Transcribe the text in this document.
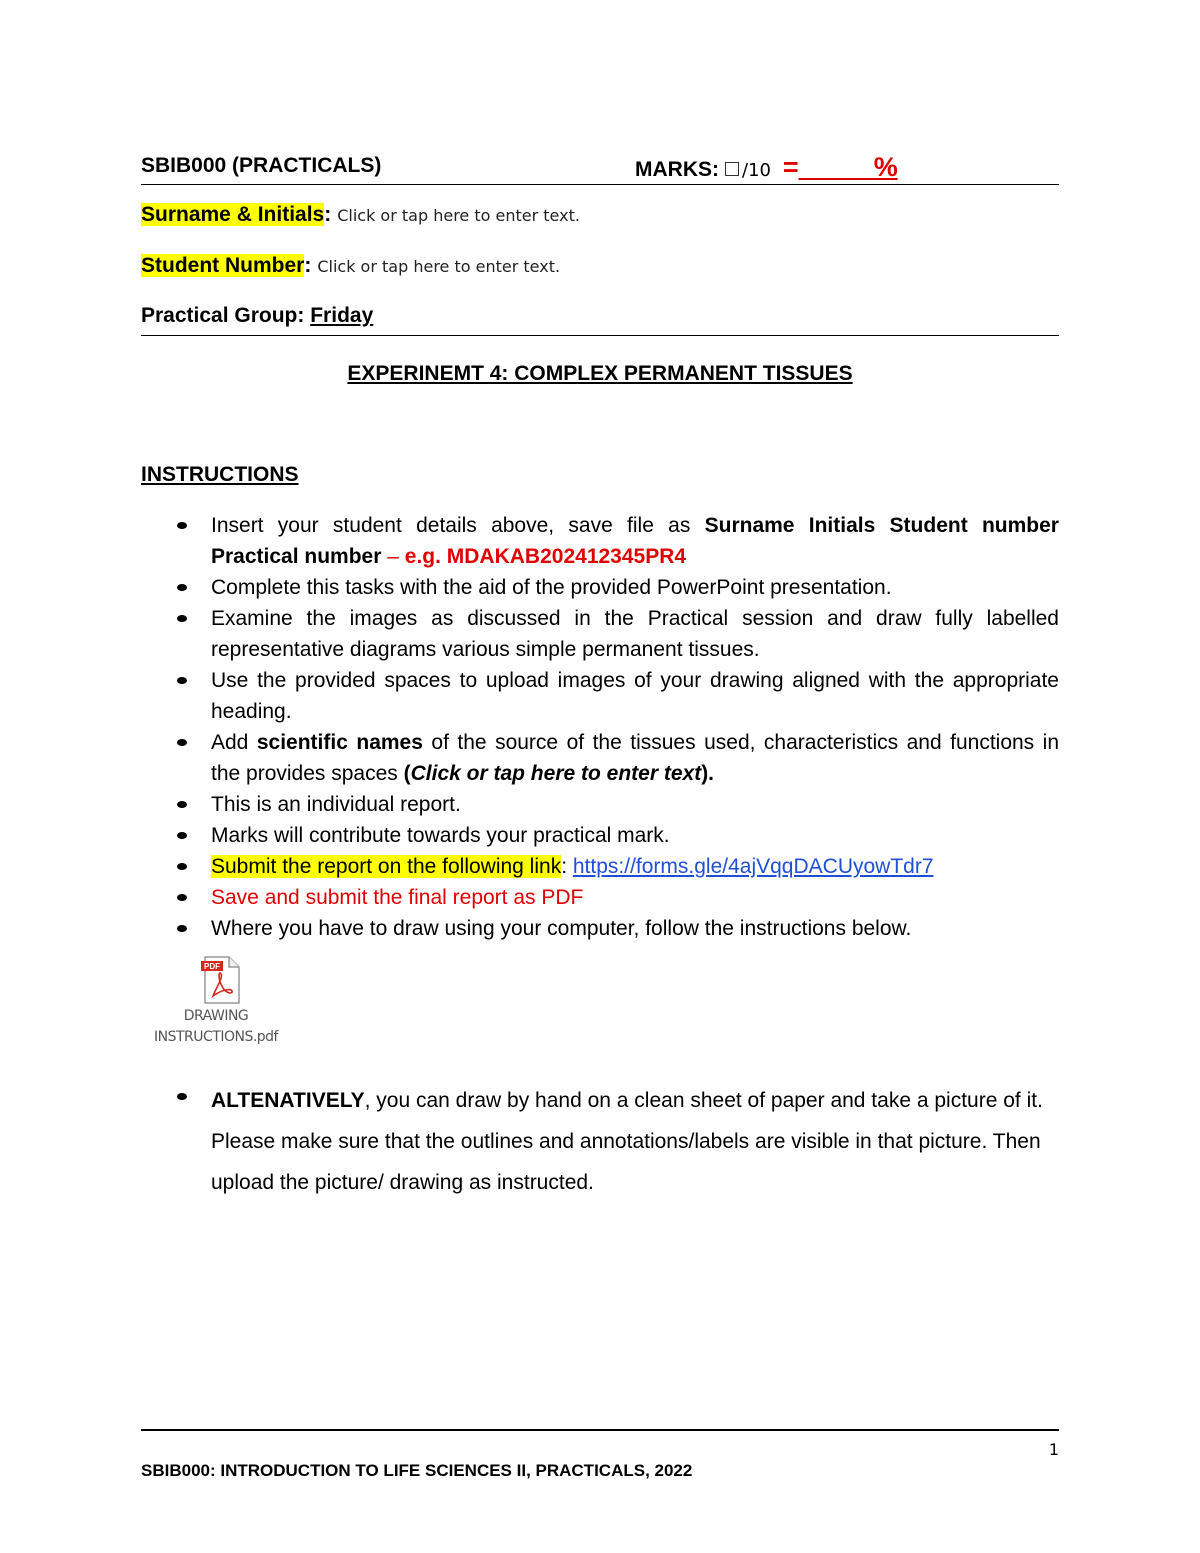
SBIB000 (PRACTICALS)	MARKS: /10 =_____%
Surname & Initials: Click or tap here to enter text.
Student Number: Click or tap here to enter text.
Practical Group: Friday
EXPERINEMT 4: COMPLEX PERMANENT TISSUES
INSTRUCTIONS
Insert your student details above, save file as Surname Initials Student number Practical number – e.g. MDAKAB202412345PR4
Complete this tasks with the aid of the provided PowerPoint presentation.
Examine the images as discussed in the Practical session and draw fully labelled representative diagrams various simple permanent tissues.
Use the provided spaces to upload images of your drawing aligned with the appropriate heading.
Add scientific names of the source of the tissues used, characteristics and functions in the provides spaces (Click or tap here to enter text).
This is an individual report.
Marks will contribute towards your practical mark.
Submit the report on the following link: https://forms.gle/4ajVqqDACUyowTdr7
Save and submit the final report as PDF
Where you have to draw using your computer, follow the instructions below.
PDF
DRAWING
INSTRUCTIONS.pdf
ALTENATIVELY, you can draw by hand on a clean sheet of paper and take a picture of it. Please make sure that the outlines and annotations/labels are visible in that picture. Then upload the picture/ drawing as instructed.
1
SBIB000: INTRODUCTION TO LIFE SCIENCES II, PRACTICALS, 2022
